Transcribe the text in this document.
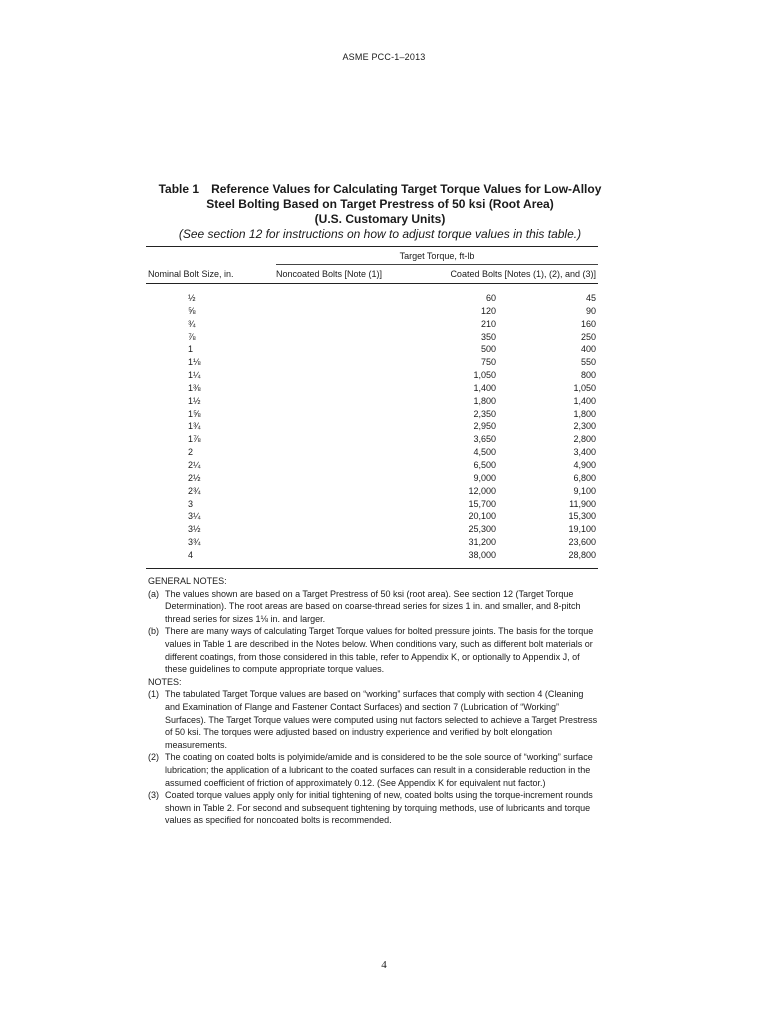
ASME PCC-1–2013
Table 1 Reference Values for Calculating Target Torque Values for Low-Alloy
Steel Bolting Based on Target Prestress of 50 ksi (Root Area)
(U.S. Customary Units)
(See section 12 for instructions on how to adjust torque values in this table.)
Target Torque, ft-lb
Nominal Bolt Size, in.	Noncoated Bolts [Note (1)]	Coated Bolts [Notes (1), (2), and (3)]
½	60	45
⅝	120	90
¾	210	160
⅞	350	250
1	500	400
1⅛	750	550
1¼	1,050	800
1⅜	1,400	1,050
1½	1,800	1,400
1⅝	2,350	1,800
1¾	2,950	2,300
1⅞	3,650	2,800
2	4,500	3,400
2¼	6,500	4,900
2½	9,000	6,800
2¾	12,000	9,100
3	15,700	11,900
3¼	20,100	15,300
3½	25,300	19,100
3¾	31,200	23,600
4	38,000	28,800
GENERAL NOTES:
(a) The values shown are based on a Target Prestress of 50 ksi (root area). See section 12 (Target Torque Determination). The root areas are based on coarse-thread series for sizes 1 in. and smaller, and 8-pitch thread series for sizes 1⅛ in. and larger.
(b) There are many ways of calculating Target Torque values for bolted pressure joints. The basis for the torque values in Table 1 are described in the Notes below. When conditions vary, such as different bolt materials or different coatings, from those considered in this table, refer to Appendix K, or optionally to Appendix J, of these guidelines to compute appropriate torque values.
NOTES:
(1) The tabulated Target Torque values are based on “working” surfaces that comply with section 4 (Cleaning and Examination of Flange and Fastener Contact Surfaces) and section 7 (Lubrication of “Working” Surfaces). The Target Torque values were computed using nut factors selected to achieve a Target Prestress of 50 ksi. The torques were adjusted based on industry experience and verified by bolt elongation measurements.
(2) The coating on coated bolts is polyimide/amide and is considered to be the sole source of “working” surface lubrication; the application of a lubricant to the coated surfaces can result in a considerable reduction in the assumed coefficient of friction of approximately 0.12. (See Appendix K for equivalent nut factor.)
(3) Coated torque values apply only for initial tightening of new, coated bolts using the torque-increment rounds shown in Table 2. For second and subsequent tightening by torquing methods, use of lubricants and torque values as specified for noncoated bolts is recommended.
4
